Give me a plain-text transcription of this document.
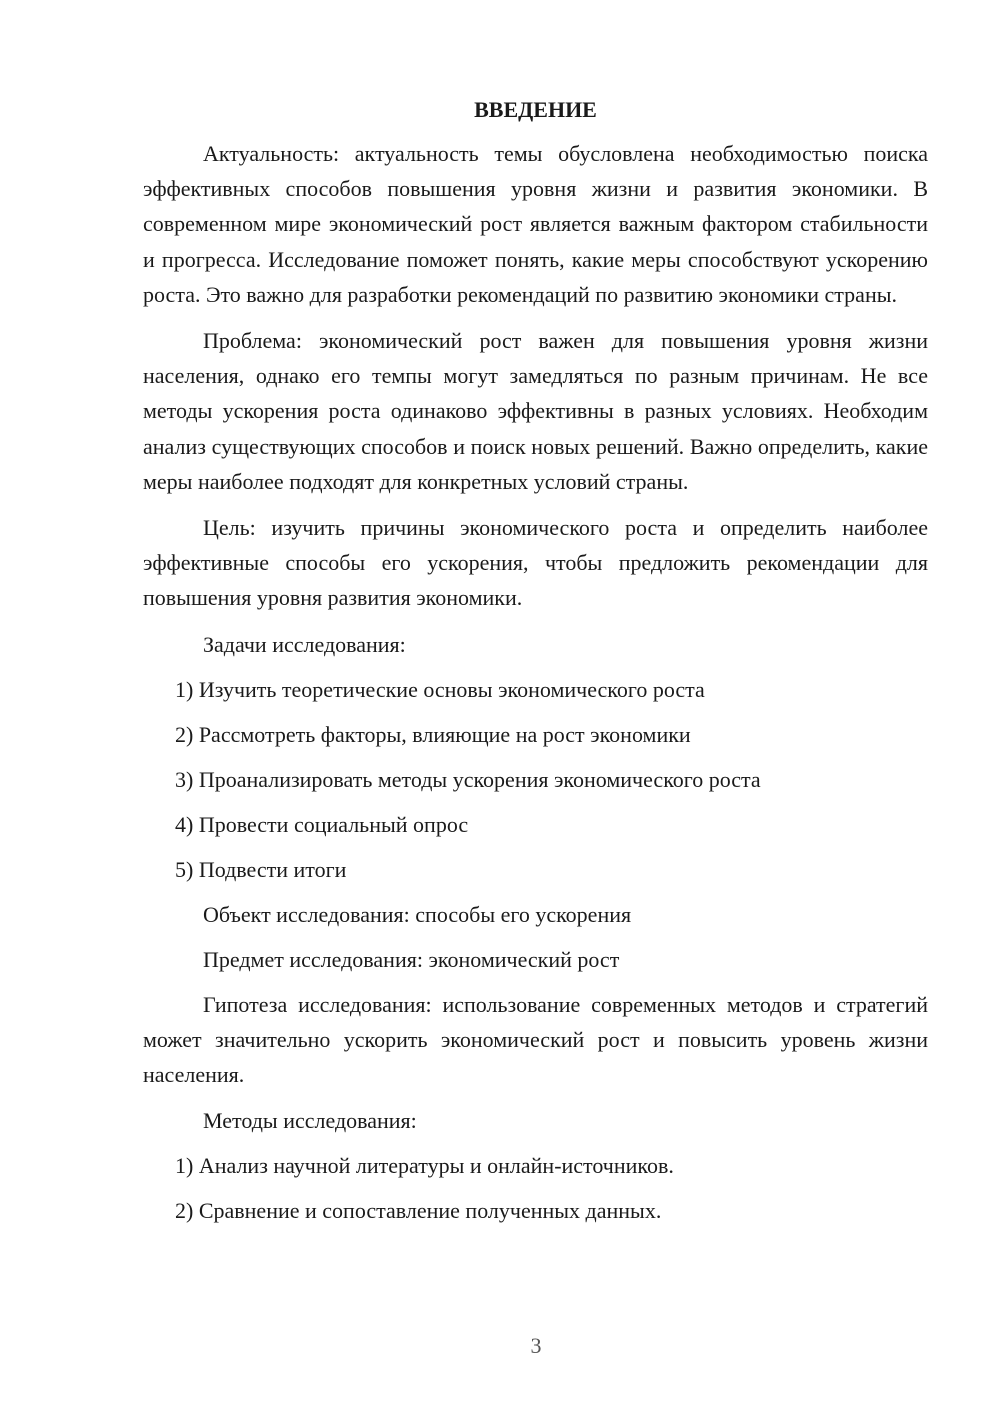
ВВЕДЕНИЕ

Актуальность: актуальность темы обусловлена необходимостью поиска эффективных способов повышения уровня жизни и развития экономики. В современном мире экономический рост является важным фактором стабильности и прогресса. Исследование поможет понять, какие меры способствуют ускорению роста. Это важно для разработки рекомендаций по развитию экономики страны.

Проблема: экономический рост важен для повышения уровня жизни населения, однако его темпы могут замедляться по разным причинам. Не все методы ускорения роста одинаково эффективны в разных условиях. Необходим анализ существующих способов и поиск новых решений. Важно определить, какие меры наиболее подходят для конкретных условий страны.

Цель: изучить причины экономического роста и определить наиболее эффективные способы его ускорения, чтобы предложить рекомендации для повышения уровня развития экономики.

Задачи исследования:

1) Изучить теоретические основы экономического роста

2) Рассмотреть факторы, влияющие на рост экономики

3) Проанализировать методы ускорения экономического роста

4) Провести социальный опрос

5) Подвести итоги

Объект исследования: способы его ускорения

Предмет исследования: экономический рост

Гипотеза исследования: использование современных методов и стратегий может значительно ускорить экономический рост и повысить уровень жизни населения.

Методы исследования:

1) Анализ научной литературы и онлайн-источников.

2) Сравнение и сопоставление полученных данных.

3
